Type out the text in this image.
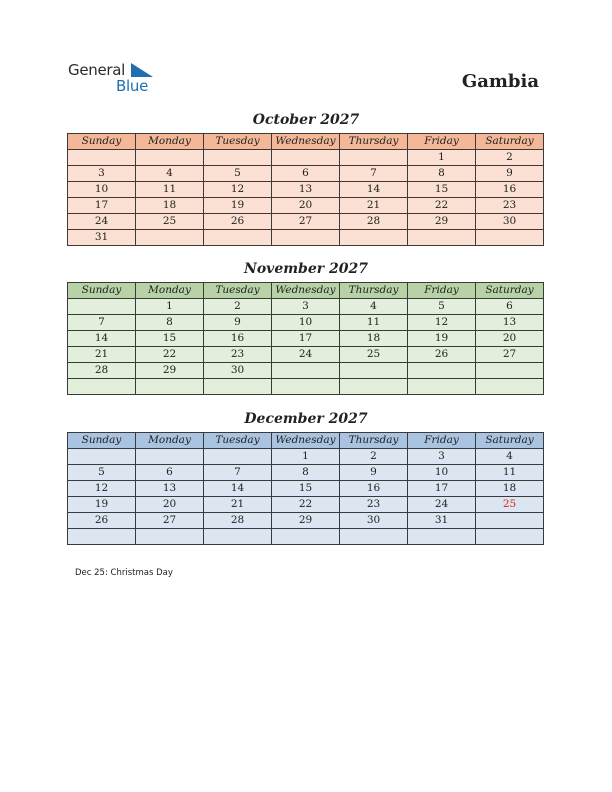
General
Blue	Gambia
October 2027
Sunday	Monday	Tuesday	Wednesday	Thursday	Friday	Saturday
					1	2
3	4	5	6	7	8	9
10	11	12	13	14	15	16
17	18	19	20	21	22	23
24	25	26	27	28	29	30
31						
November 2027
Sunday	Monday	Tuesday	Wednesday	Thursday	Friday	Saturday
	1	2	3	4	5	6
7	8	9	10	11	12	13
14	15	16	17	18	19	20
21	22	23	24	25	26	27
28	29	30				

December 2027
Sunday	Monday	Tuesday	Wednesday	Thursday	Friday	Saturday
			1	2	3	4
5	6	7	8	9	10	11
12	13	14	15	16	17	18
19	20	21	22	23	24	25
26	27	28	29	30	31	

Dec 25: Christmas Day
